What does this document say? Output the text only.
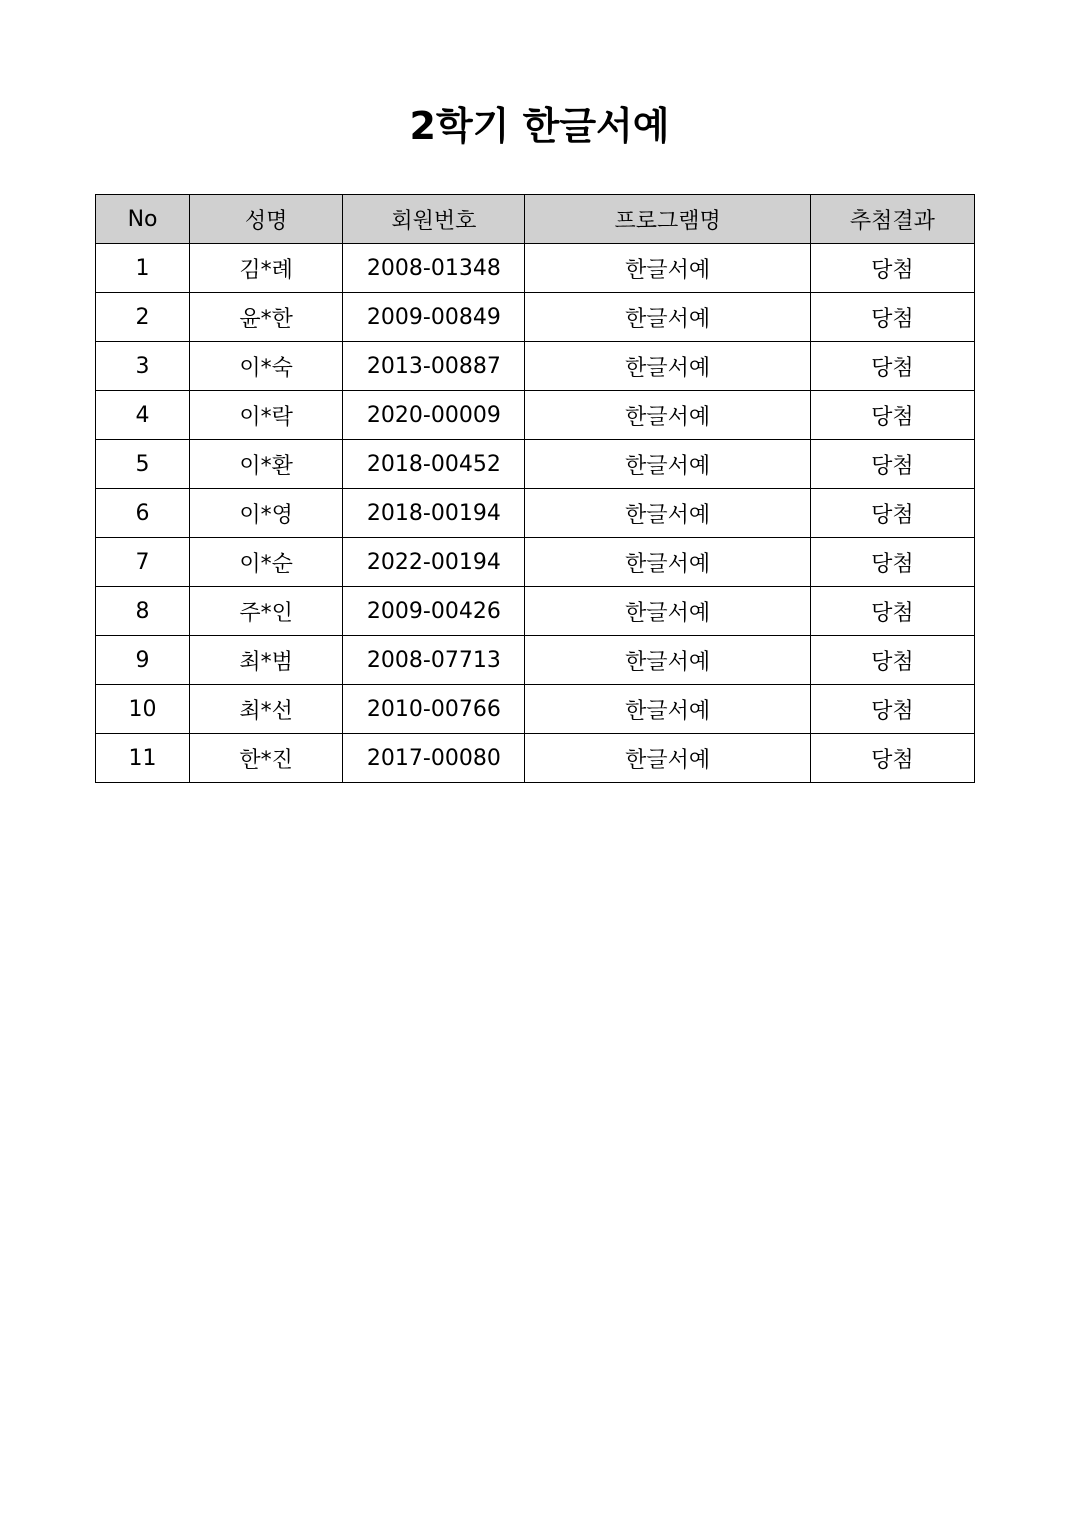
2학기 한글서예
No	성명	회원번호	프로그램명	추첨결과
1	김*례	2008-01348	한글서예	당첨
2	윤*한	2009-00849	한글서예	당첨
3	이*숙	2013-00887	한글서예	당첨
4	이*락	2020-00009	한글서예	당첨
5	이*환	2018-00452	한글서예	당첨
6	이*영	2018-00194	한글서예	당첨
7	이*순	2022-00194	한글서예	당첨
8	주*인	2009-00426	한글서예	당첨
9	최*범	2008-07713	한글서예	당첨
10	최*선	2010-00766	한글서예	당첨
11	한*진	2017-00080	한글서예	당첨
